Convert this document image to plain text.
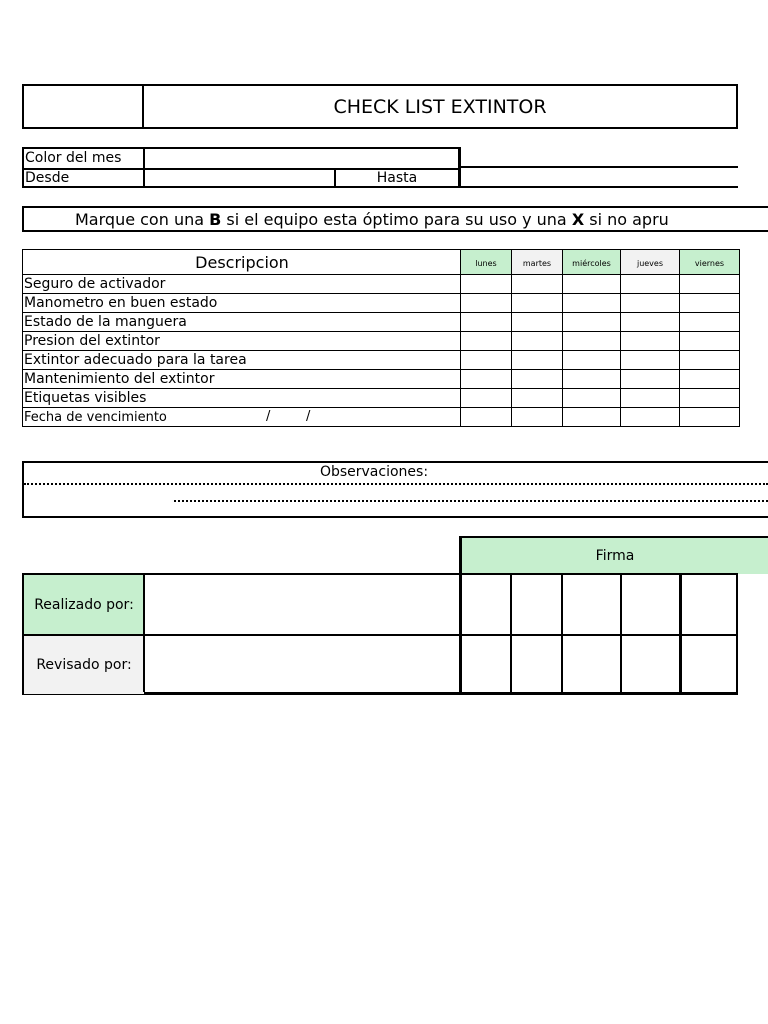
CHECK LIST EXTINTOR
Color del mes
Desde	Hasta
Marque con una B si el equipo esta óptimo para su uso y una X si no apru
Descripcion	lunes	martes	miércoles	jueves	viernes
Seguro de activador					
Manometro en buen estado					
Estado de la manguera					
Presion del extintor					
Extintor adecuado para la tarea					
Mantenimiento del extintor					
Etiquetas visibles					
Fecha de vencimiento / /					

Observaciones:
Firma
Realizado por:
Revisado por:
